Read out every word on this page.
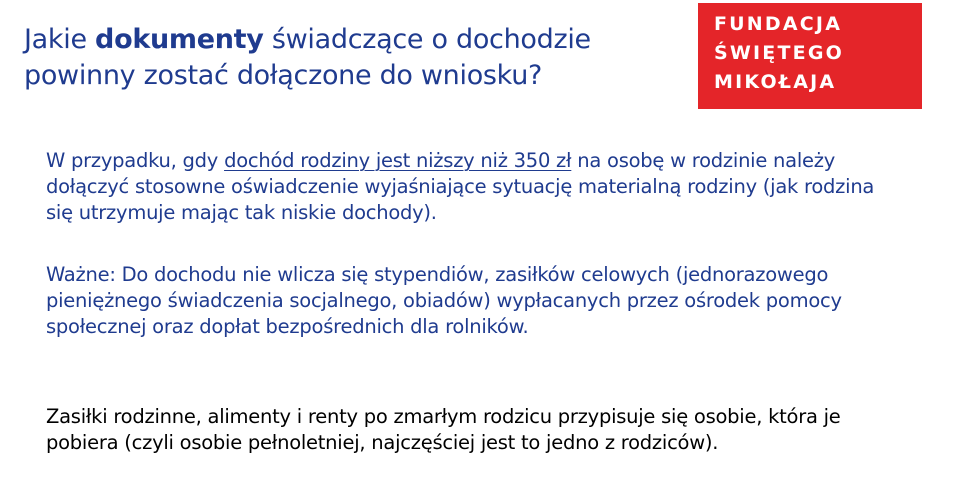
Jakie dokumenty świadczące o dochodzie powinny zostać dołączone do wniosku?
FUNDACJA
ŚWIĘTEGO
MIKOŁAJA

W przypadku, gdy dochód rodziny jest niższy niż 350 zł na osobę w rodzinie należy dołączyć stosowne oświadczenie wyjaśniające sytuację materialną rodziny (jak rodzina się utrzymuje mając tak niskie dochody).

Ważne: Do dochodu nie wlicza się stypendiów, zasiłków celowych (jednorazowego pieniężnego świadczenia socjalnego, obiadów) wypłacanych przez ośrodek pomocy społecznej oraz dopłat bezpośrednich dla rolników.

Zasiłki rodzinne, alimenty i renty po zmarłym rodzicu przypisuje się osobie, która je pobiera (czyli osobie pełnoletniej, najczęściej jest to jedno z rodziców).
